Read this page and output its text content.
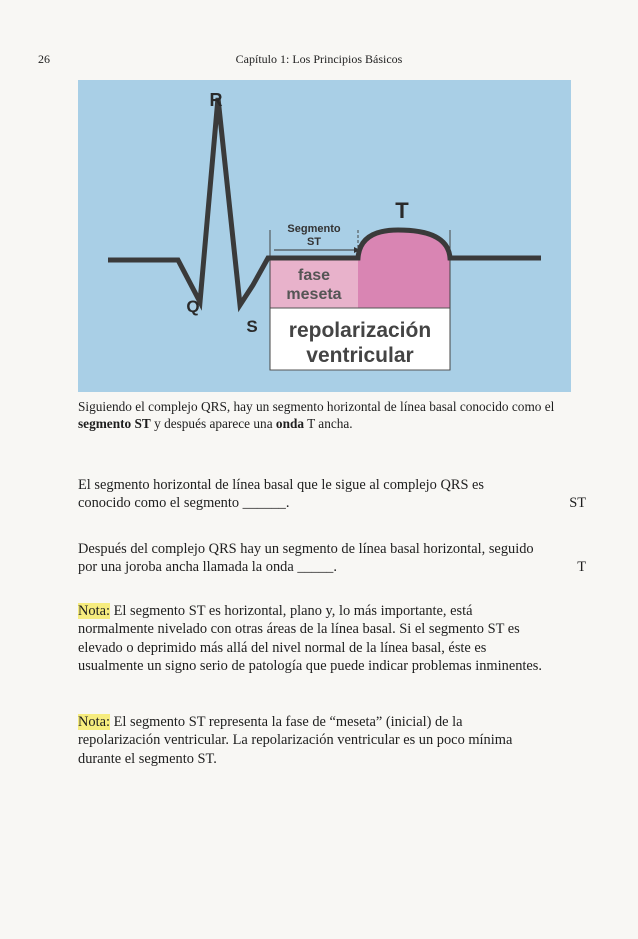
26	Capítulo 1: Los Principios Básicos
R
Q
S
T
Segmento
ST
fase
meseta
repolarización
ventricular
Siguiendo el complejo QRS, hay un segmento horizontal de línea basal conocido como el segmento ST y después aparece una onda T ancha.
El segmento horizontal de línea basal que le sigue al complejo QRS es conocido como el segmento ______.	ST
Después del complejo QRS hay un segmento de línea basal horizontal, seguido por una joroba ancha llamada la onda _____.	T
Nota: El segmento ST es horizontal, plano y, lo más importante, está normalmente nivelado con otras áreas de la línea basal. Si el segmento ST es elevado o deprimido más allá del nivel normal de la línea basal, éste es usualmente un signo serio de patología que puede indicar problemas inminentes.
Nota: El segmento ST representa la fase de “meseta” (inicial) de la repolarización ventricular. La repolarización ventricular es un poco mínima durante el segmento ST.
